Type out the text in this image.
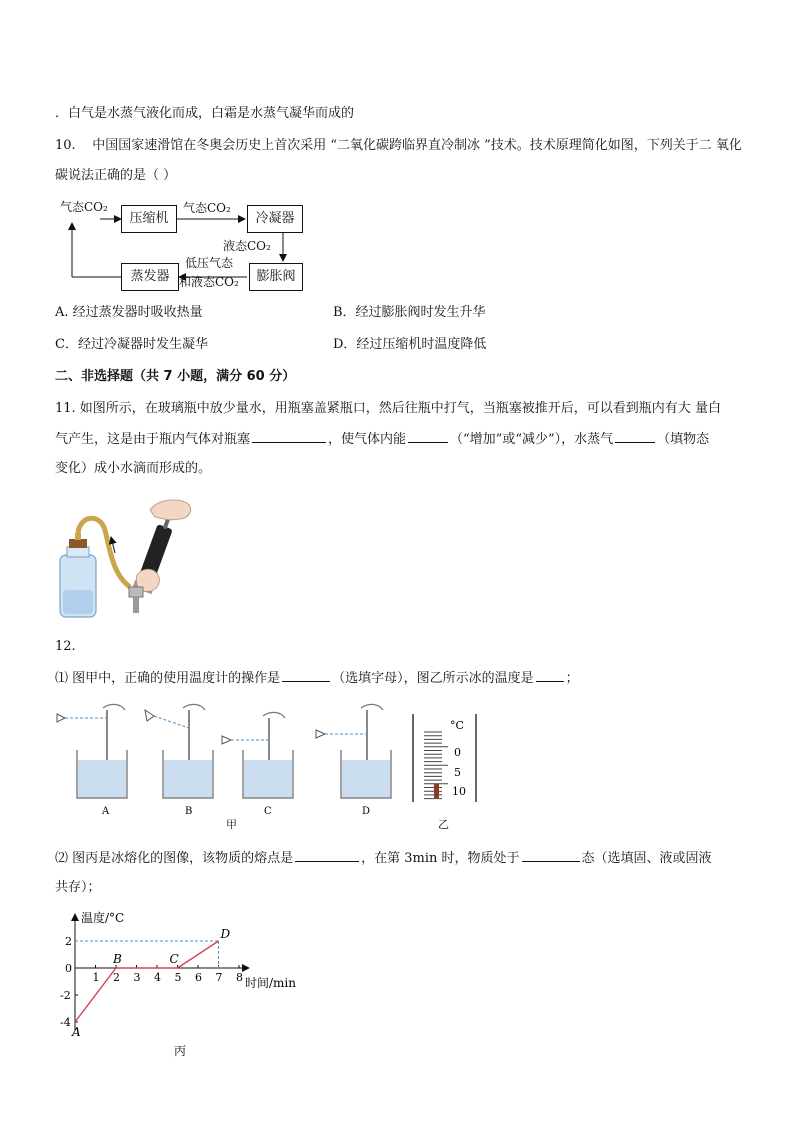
．白气是水蒸气液化而成，白霜是水蒸气凝华而成的
10. 中国国家速滑馆在冬奥会历史上首次采用 “二氧化碳跨临界直冷制冰 ”技术。技术原理简化如图，下列关于二 氧化
碳说法正确的是（ ）
气态CO₂
压缩机
气态CO₂
冷凝器
液态CO₂
膨胀阀
低压气态
和液态CO₂
蒸发器
A. 经过蒸发器时吸收热量	B．经过膨胀阀时发生升华
C．经过冷凝器时发生凝华	D．经过压缩机时温度降低
二、非选择题（共 7 小题，满分 60 分）
11. 如图所示，在玻璃瓶中放少量水，用瓶塞盖紧瓶口，然后往瓶中打气，当瓶塞被推开后，可以看到瓶内有大 量白
气产生，这是由于瓶内气体对瓶塞	，使气体内能	（“增加”或“减少”），水蒸气	（填物态
变化）成小水滴而形成的。
12.
⑴ 图甲中，正确的使用温度计的操作是	（选填字母），图乙所示冰的温度是 ；
A	B	C	D
甲
°C
0
5
10
乙
⑵ 图丙是冰熔化的图像，该物质的熔点是	，在第 3min 时，物质处于	态（选填固、液或固液
共存）；
1 2 3 4 5 6 7 8
2
0
-2
-4
A
B	C
D
温度/°C
时间/min
丙
